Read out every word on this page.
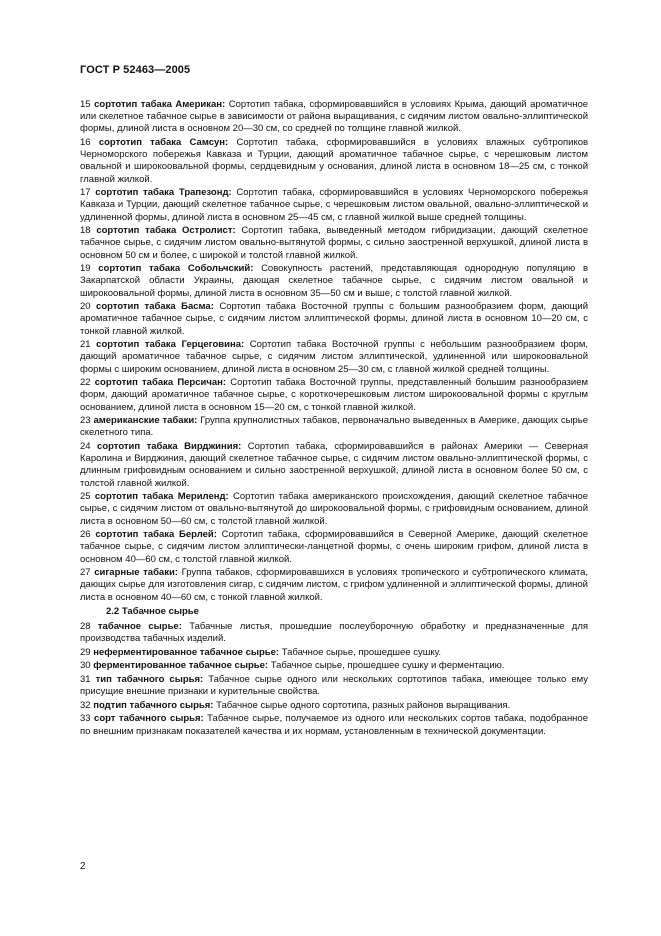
ГОСТ Р 52463—2005
15 сортотип табака Американ: Сортотип табака, сформировавшийся в условиях Крыма, дающий ароматичное или скелетное табачное сырье в зависимости от района выращивания, с сидячим листом овально-эллиптической формы, длиной листа в основном 20—30 см, со средней по толщине главной жилкой.
16 сортотип табака Самсун: Сортотип табака, сформировавшийся в условиях влажных субтропиков Черноморского побережья Кавказа и Турции, дающий ароматичное табачное сырье, с черешковым листом овальной и широкоовальной формы, сердцевидным у основания, длиной листа в основном 18—25 см, с тонкой главной жилкой.
17 сортотип табака Трапезонд: Сортотип табака, сформировавшийся в условиях Черноморского побережья Кавказа и Турции, дающий скелетное табачное сырье, с черешковым листом овальной, овально-эллиптической и удлиненной формы, длиной листа в основном 25—45 см, с главной жилкой выше средней толщины.
18 сортотип табака Остролист: Сортотип табака, выведенный методом гибридизации, дающий скелетное табачное сырье, с сидячим листом овально-вытянутой формы, с сильно заостренной верхушкой, длиной листа в основном 50 см и более, с широкой и толстой главной жилкой.
19 сортотип табака Собольчский: Совокупность растений, представляющая однородную популяцию в Закарпатской области Украины, дающая скелетное табачное сырье, с сидячим листом овальной и широкоовальной формы, длиной листа в основном 35—50 см и выше, с толстой главной жилкой.
20 сортотип табака Басма: Сортотип табака Восточной группы с большим разнообразием форм, дающий ароматичное табачное сырье, с сидячим листом эллиптической формы, длиной листа в основном 10—20 см, с тонкой главной жилкой.
21 сортотип табака Герцеговина: Сортотип табака Восточной группы с небольшим разнообразием форм, дающий ароматичное табачное сырье, с сидячим листом эллиптической, удлиненной или широкоовальной формы с широким основанием, длиной листа в основном 25—30 см, с главной жилкой средней толщины.
22 сортотип табака Персичан: Сортотип табака Восточной группы, представленный большим разнообразием форм, дающий ароматичное табачное сырье, с короткочерешковым листом широкоовальной формы с круглым основанием, длиной листа в основном 15—20 см, с тонкой главной жилкой.
23 американские табаки: Группа крупнолистных табаков, первоначально выведенных в Америке, дающих сырье скелетного типа.
24 сортотип табака Вирджиния: Сортотип табака, сформировавшийся в районах Америки — Северная Каролина и Вирджиния, дающий скелетное табачное сырье, с сидячим листом овально-эллиптической формы, с длинным грифовидным основанием и сильно заостренной верхушкой, длиной листа в основном более 50 см, с толстой главной жилкой.
25 сортотип табака Мериленд: Сортотип табака американского происхождения, дающий скелетное табачное сырье, с сидячим листом от овально-вытянутой до широкоовальной формы, с грифовидным основанием, длиной листа в основном 50—60 см, с толстой главной жилкой.
26 сортотип табака Берлей: Сортотип табака, сформировавшийся в Северной Америке, дающий скелетное табачное сырье, с сидячим листом эллиптически-ланцетной формы, с очень широким грифом, длиной листа в основном 40—60 см, с толстой главной жилкой.
27 сигарные табаки: Группа табаков, сформировавшихся в условиях тропического и субтропического климата, дающих сырье для изготовления сигар, с сидячим листом, с грифом удлиненной и эллиптической формы, длиной листа в основном 40—60 см, с тонкой главной жилкой.
2.2 Табачное сырье
28 табачное сырье: Табачные листья, прошедшие послеуборочную обработку и предназначенные для производства табачных изделий.
29 неферментированное табачное сырье: Табачное сырье, прошедшее сушку.
30 ферментированное табачное сырье: Табачное сырье, прошедшее сушку и ферментацию.
31 тип табачного сырья: Табачное сырье одного или нескольких сортотипов табака, имеющее только ему присущие внешние признаки и курительные свойства.
32 подтип табачного сырья: Табачное сырье одного сортотипа, разных районов выращивания.
33 сорт табачного сырья: Табачное сырье, получаемое из одного или нескольких сортов табака, подобранное по внешним признакам показателей качества и их нормам, установленным в технической документации.
2
